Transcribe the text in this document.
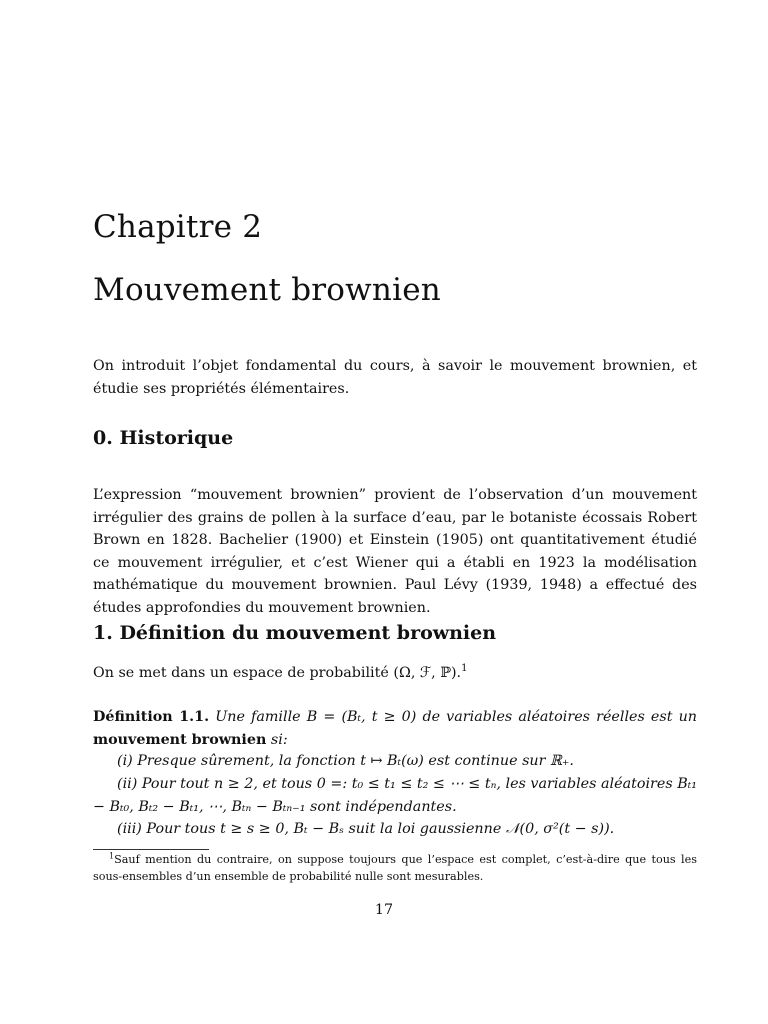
Chapitre 2
Mouvement brownien

On introduit l’objet fondamental du cours, à savoir le mouvement brownien, et étudie ses propriétés élémentaires.

0. Historique

L’expression “mouvement brownien” provient de l’observation d’un mouvement irrégulier des grains de pollen à la surface d’eau, par le botaniste écossais Robert Brown en 1828. Bachelier (1900) et Einstein (1905) ont quantitativement étudié ce mouvement irrégulier, et c’est Wiener qui a établi en 1923 la modélisation mathématique du mouvement brownien. Paul Lévy (1939, 1948) a effectué des études approfondies du mouvement brownien.

1. Définition du mouvement brownien

On se met dans un espace de probabilité (Ω, ℱ, ℙ).$^1$

Définition 1.1. Une famille B = (Bₜ, t ≥ 0) de variables aléatoires réelles est un mouvement brownien si:

(i) Presque sûrement, la fonction t ↦ Bₜ(ω) est continue sur ℝ₊.

(ii) Pour tout n ≥ 2, et tous 0 =: t₀ ≤ t₁ ≤ t₂ ≤ ⋯ ≤ tₙ, les variables aléatoires Bₜ₁ − Bₜ₀, Bₜ₂ − Bₜ₁, ⋯, Bₜₙ − Bₜₙ₋₁ sont indépendantes.

(iii) Pour tous t ≥ s ≥ 0, Bₜ − Bₛ suit la loi gaussienne 𝒩(0, σ²(t − s)).

$^1$Sauf mention du contraire, on suppose toujours que l’espace est complet, c’est-à-dire que tous les sous-ensembles d’un ensemble de probabilité nulle sont mesurables.

17
